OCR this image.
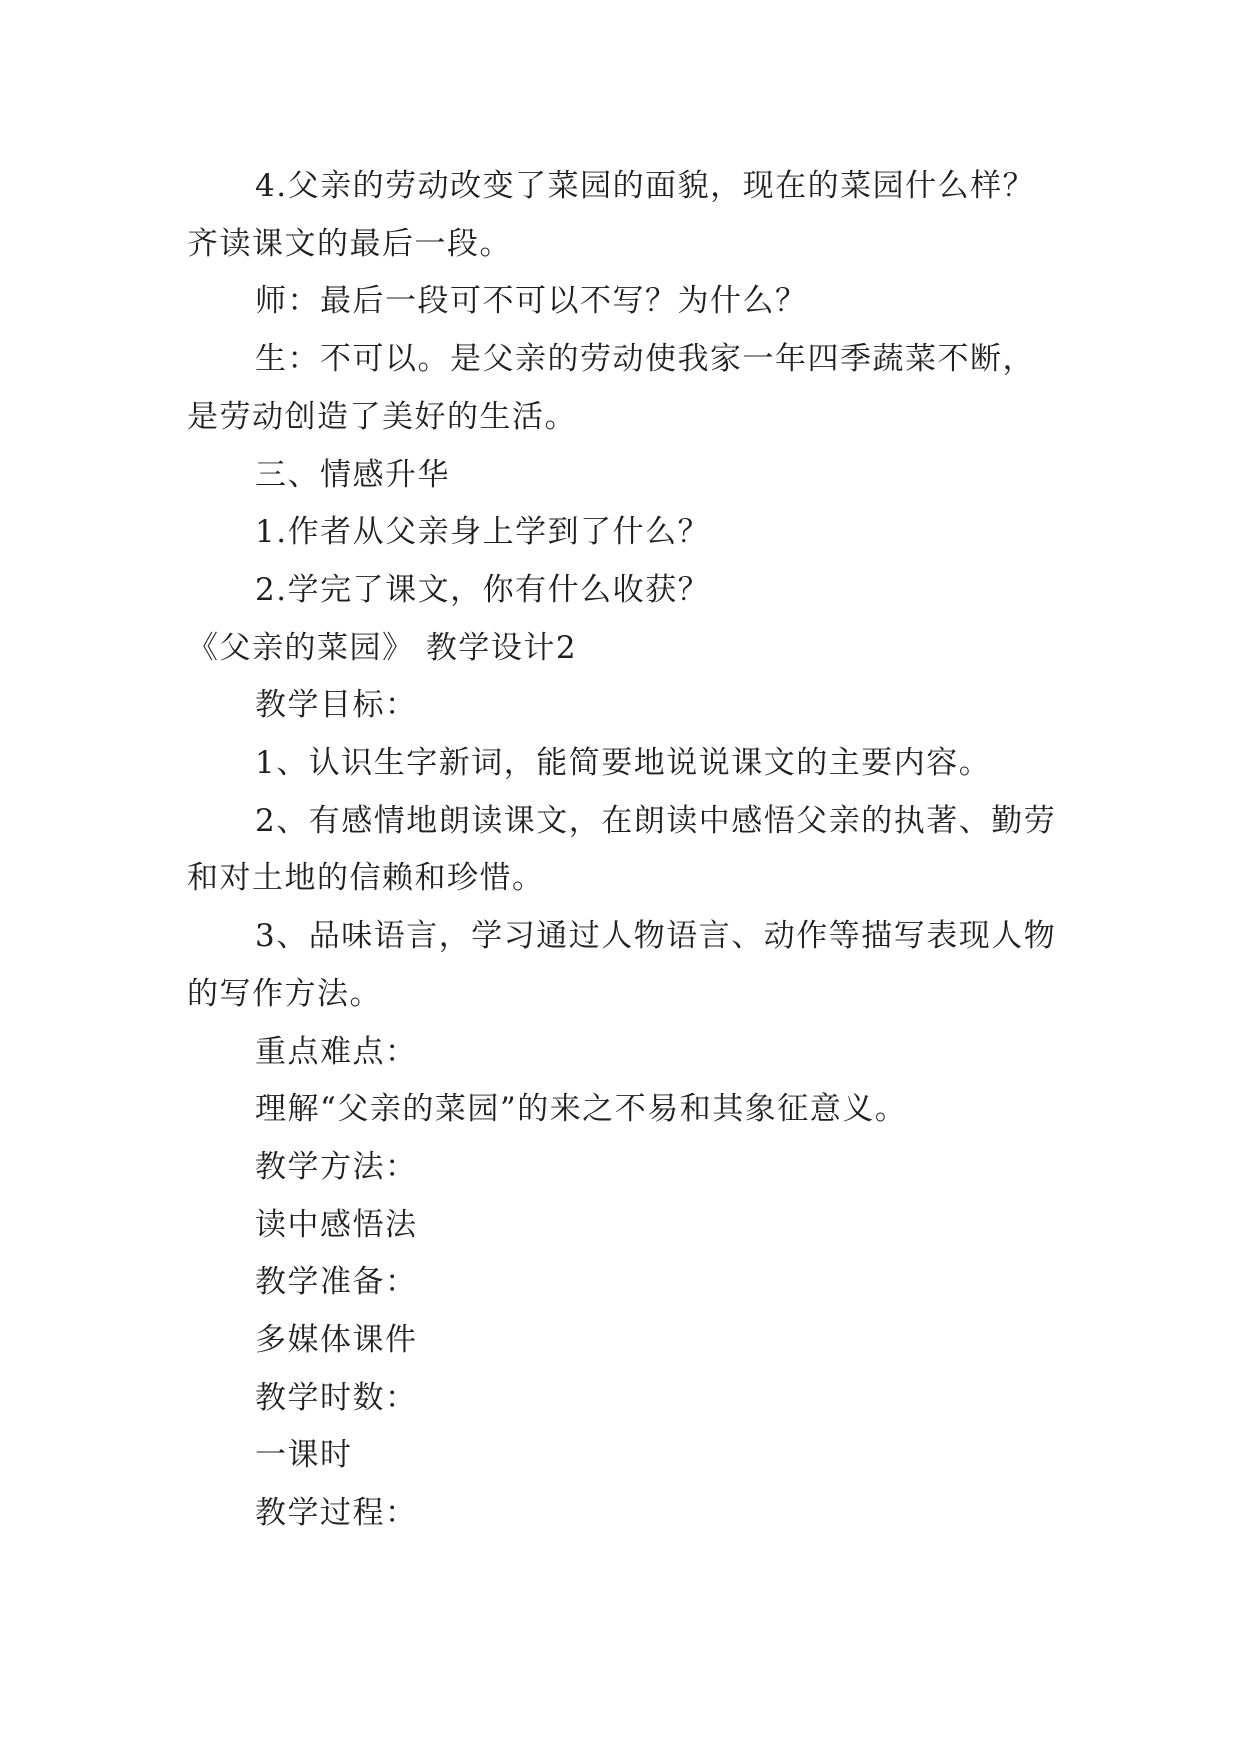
4.父亲的劳动改变了菜园的面貌，现在的菜园什么样？齐读课文的最后一段。

师：最后一段可不可以不写？为什么？

生：不可以。是父亲的劳动使我家一年四季蔬菜不断，是劳动创造了美好的生活。

三、情感升华

1.作者从父亲身上学到了什么？

2.学完了课文，你有什么收获？

《父亲的菜园》 教学设计2

教学目标：

1、认识生字新词，能简要地说说课文的主要内容。

2、有感情地朗读课文，在朗读中感悟父亲的执著、勤劳和对土地的信赖和珍惜。

3、品味语言，学习通过人物语言、动作等描写表现人物的写作方法。

重点难点：

理解“父亲的菜园”的来之不易和其象征意义。

教学方法：

读中感悟法

教学准备：

多媒体课件

教学时数：

一课时

教学过程：
